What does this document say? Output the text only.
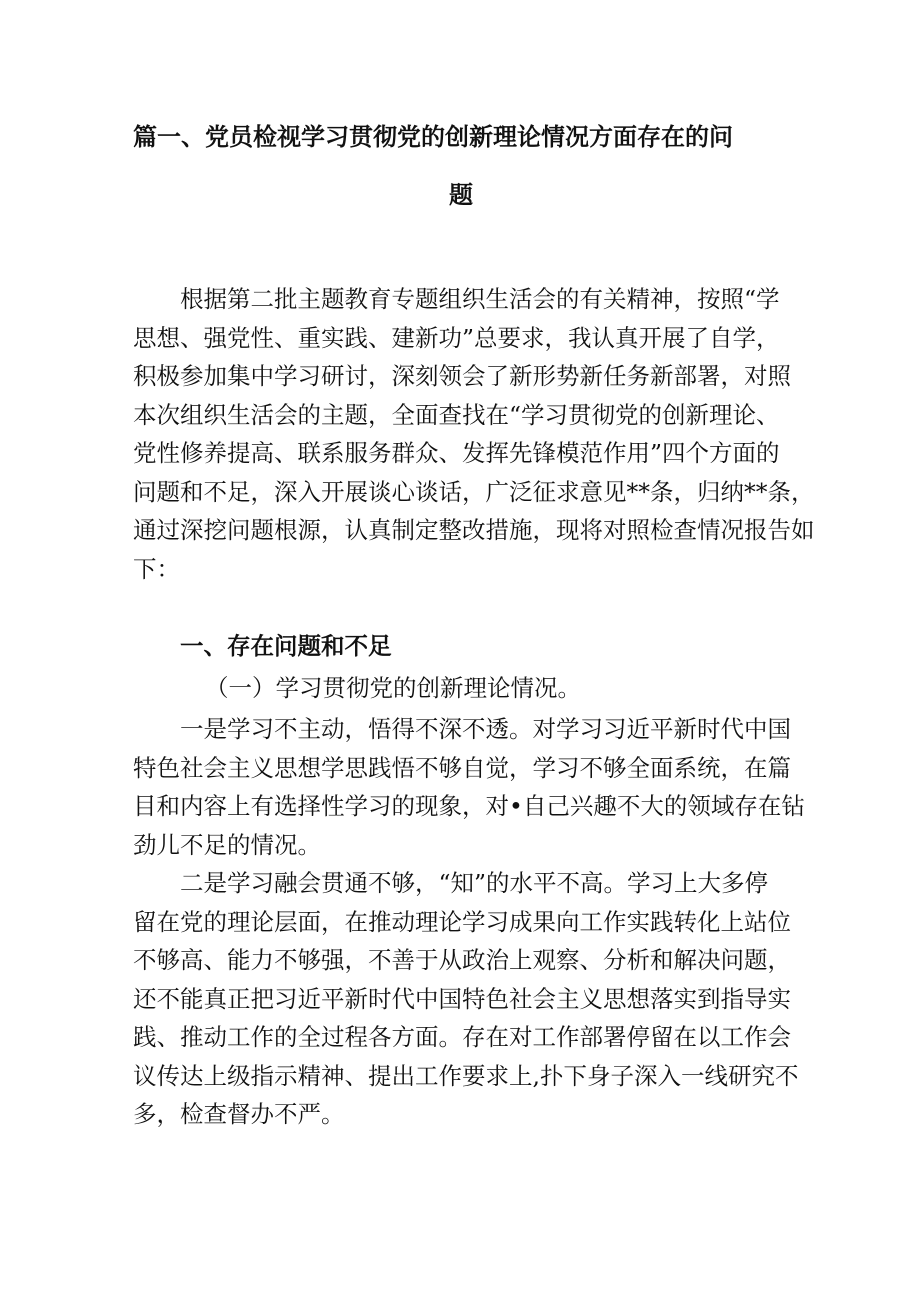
篇一、党员检视学习贯彻党的创新理论情况方面存在的问
题
根据第二批主题教育专题组织生活会的有关精神，按照“学
思想、强党性、重实践、建新功”总要求，我认真开展了自学，
积极参加集中学习研讨，深刻领会了新形势新任务新部署，对照
本次组织生活会的主题，全面查找在“学习贯彻党的创新理论、
党性修养提高、联系服务群众、发挥先锋模范作用”四个方面的
问题和不足，深入开展谈心谈话，广泛征求意见**条，归纳**条，
通过深挖问题根源，认真制定整改措施，现将对照检查情况报告如
下：
一、存在问题和不足
（一）学习贯彻党的创新理论情况。
一是学习不主动，悟得不深不透。对学习习近平新时代中国
特色社会主义思想学思践悟不够自觉，学习不够全面系统，在篇
目和内容上有选择性学习的现象，对•自己兴趣不大的领域存在钻
劲儿不足的情况。
二是学习融会贯通不够，“知”的水平不高。学习上大多停
留在党的理论层面，在推动理论学习成果向工作实践转化上站位
不够高、能力不够强，不善于从政治上观察、分析和解决问题，
还不能真正把习近平新时代中国特色社会主义思想落实到指导实
践、推动工作的全过程各方面。存在对工作部署停留在以工作会
议传达上级指示精神、提出工作要求上,扑下身子深入一线研究不
多，检查督办不严。
